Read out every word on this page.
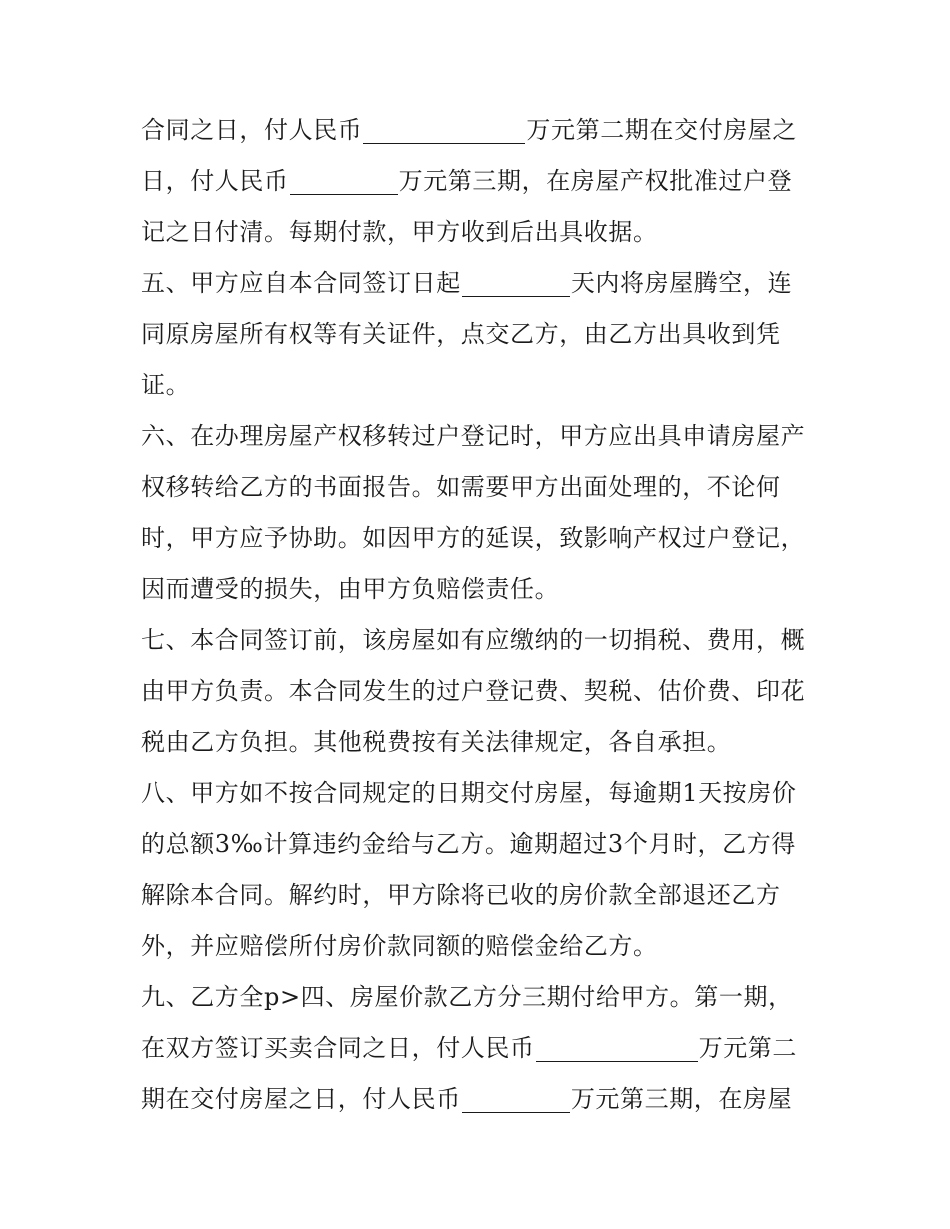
合同之日，付人民币	万元第二期在交付房屋之
日，付人民币	万元第三期，在房屋产权批准过户登
记之日付清。每期付款，甲方收到后出具收据。
五、甲方应自本合同签订日起	天内将房屋腾空，连
同原房屋所有权等有关证件，点交乙方，由乙方出具收到凭
证。
六、在办理房屋产权移转过户登记时，甲方应出具申请房屋产
权移转给乙方的书面报告。如需要甲方出面处理的，不论何
时，甲方应予协助。如因甲方的延误，致影响产权过户登记，
因而遭受的损失，由甲方负赔偿责任。
七、本合同签订前，该房屋如有应缴纳的一切捐税、费用，概
由甲方负责。本合同发生的过户登记费、契税、估价费、印花
税由乙方负担。其他税费按有关法律规定，各自承担。
八、甲方如不按合同规定的日期交付房屋，每逾期1天按房价
的总额3‰计算违约金给与乙方。逾期超过3个月时，乙方得
解除本合同。解约时，甲方除将已收的房价款全部退还乙方
外，并应赔偿所付房价款同额的赔偿金给乙方。
九、乙方全p>四、房屋价款乙方分三期付给甲方。第一期，
在双方签订买卖合同之日，付人民币	万元第二
期在交付房屋之日，付人民币	万元第三期，在房屋
